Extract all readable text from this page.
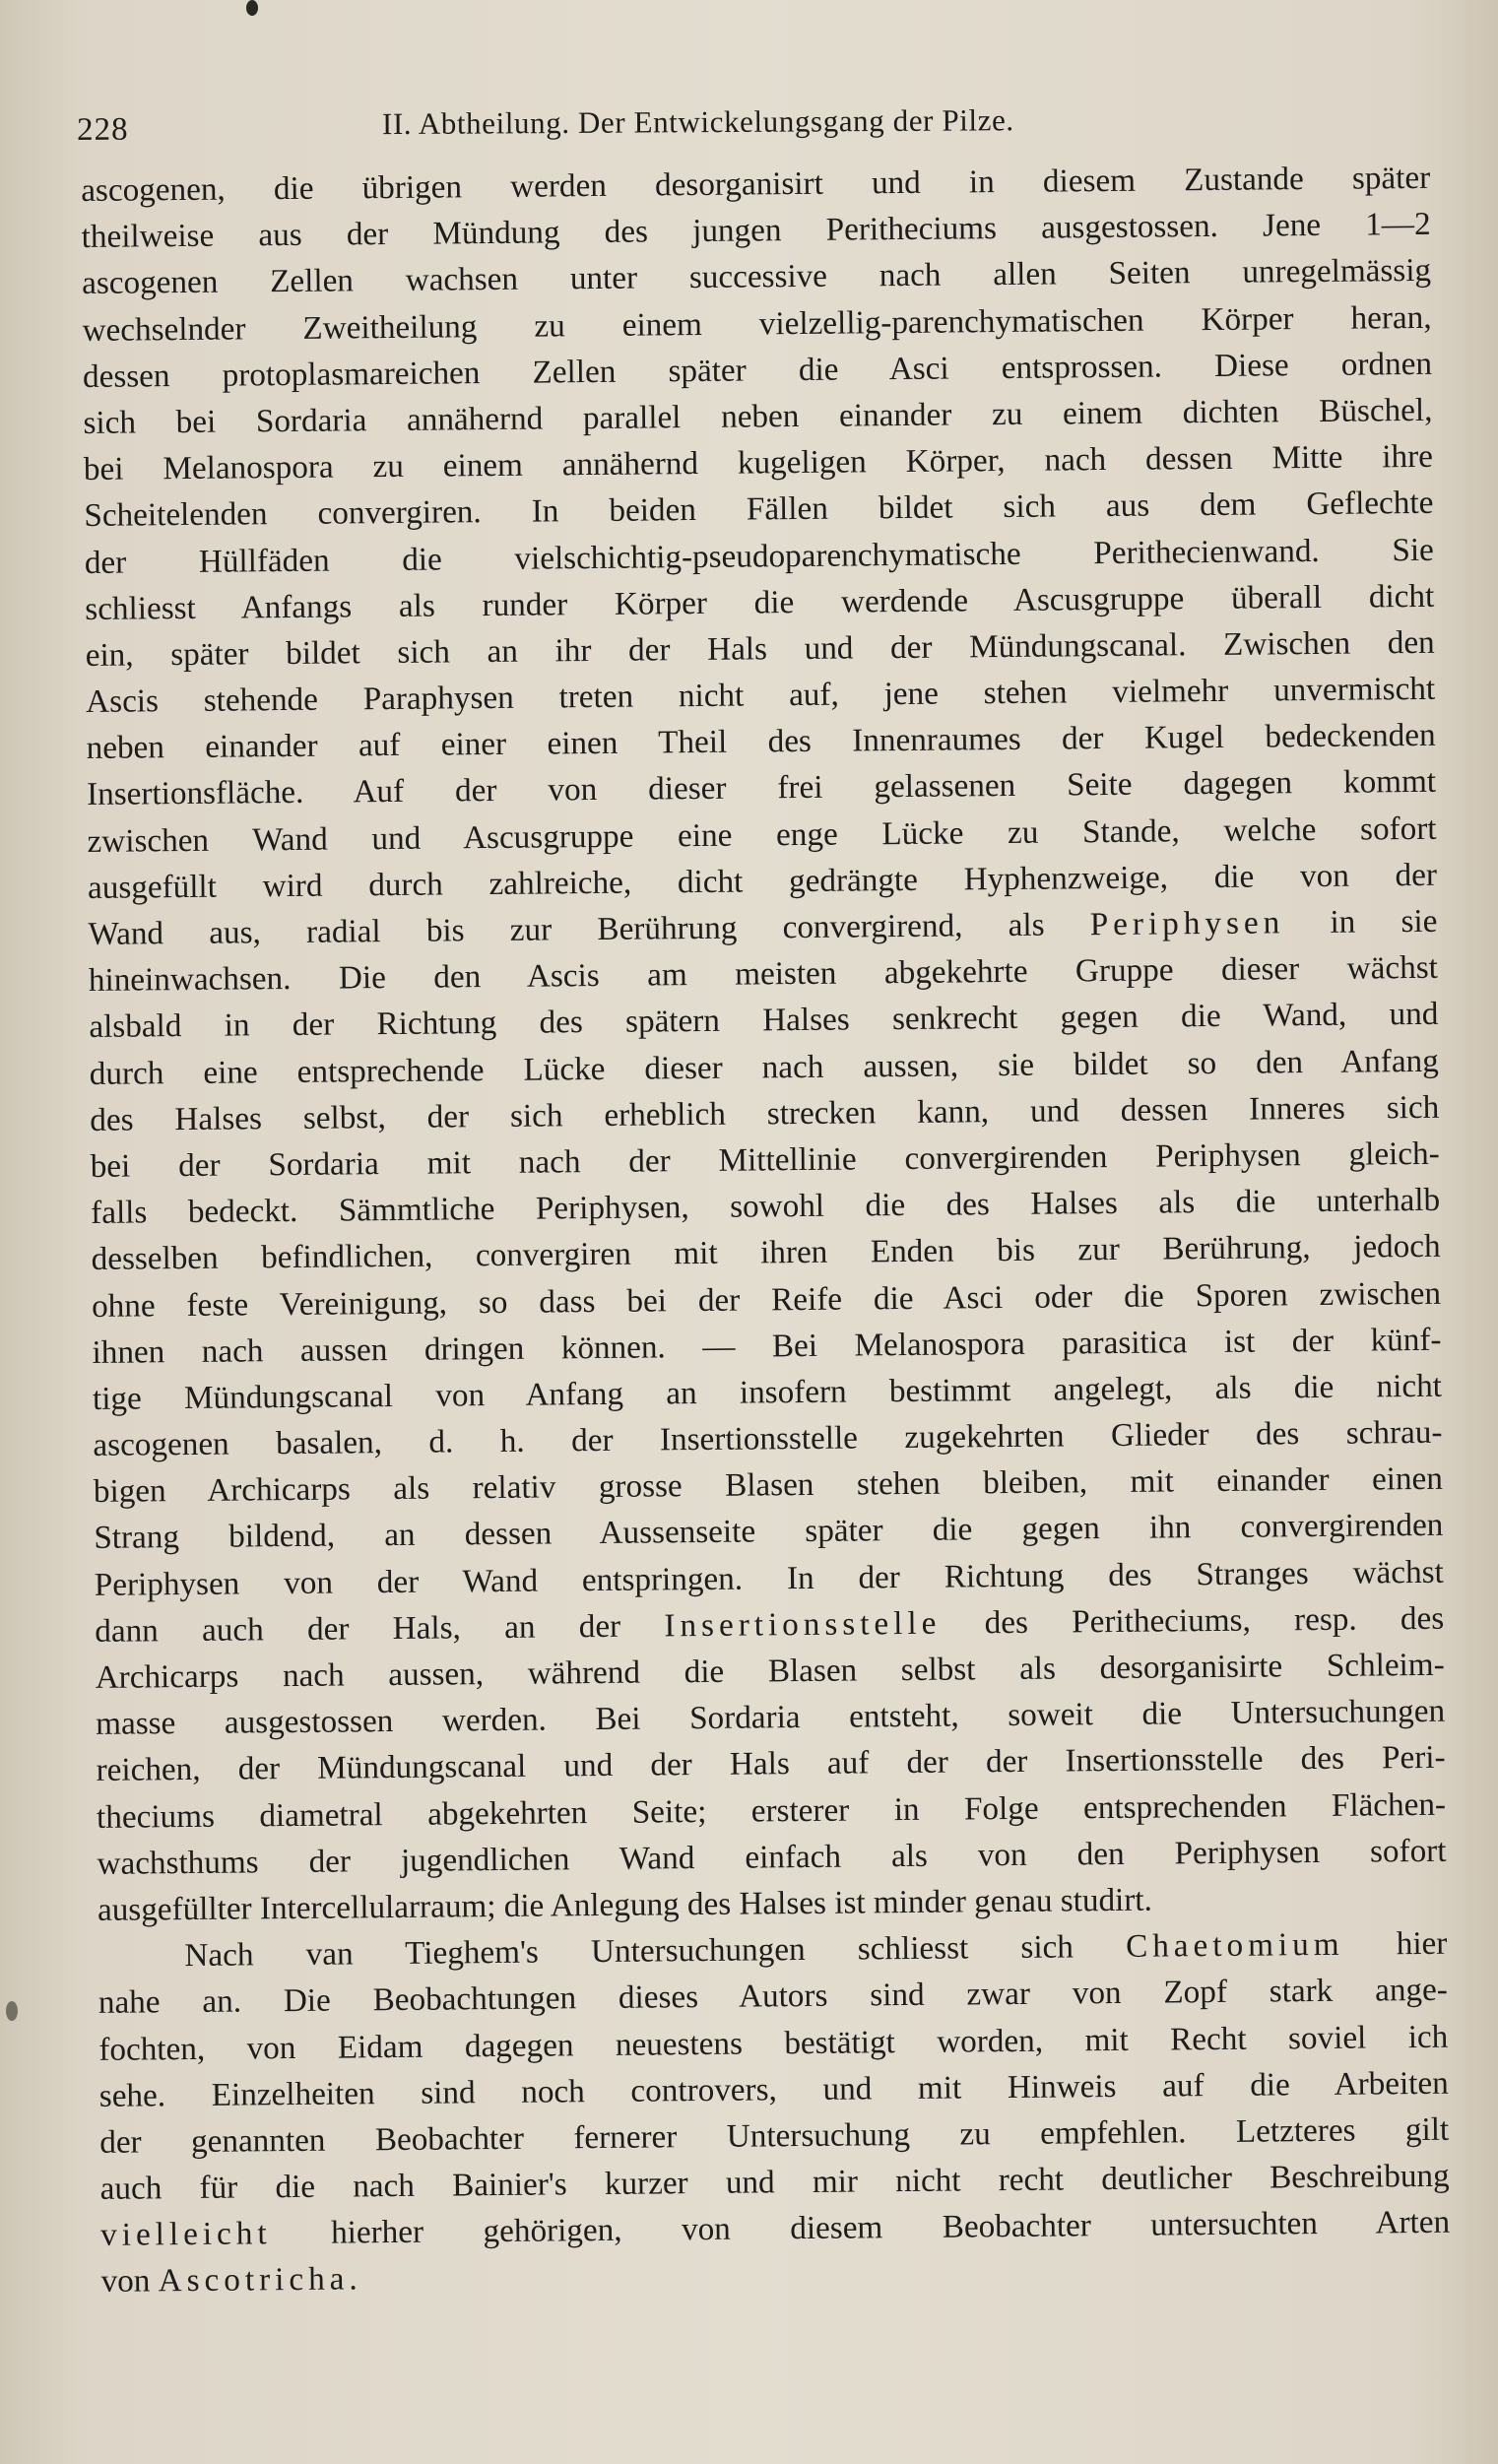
228	II. Abtheilung. Der Entwickelungsgang der Pilze.
ascogenen, die übrigen werden desorganisirt und in diesem Zustande später
theilweise aus der Mündung des jungen Peritheciums ausgestossen. Jene 1—2
ascogenen Zellen wachsen unter successive nach allen Seiten unregelmässig
wechselnder Zweitheilung zu einem vielzellig-parenchymatischen Körper heran,
dessen protoplasmareichen Zellen später die Asci entsprossen. Diese ordnen
sich bei Sordaria annähernd parallel neben einander zu einem dichten Büschel,
bei Melanospora zu einem annähernd kugeligen Körper, nach dessen Mitte ihre
Scheitelenden convergiren. In beiden Fällen bildet sich aus dem Geflechte
der Hüllfäden die vielschichtig-pseudoparenchymatische Perithecienwand. Sie
schliesst Anfangs als runder Körper die werdende Ascusgruppe überall dicht
ein, später bildet sich an ihr der Hals und der Mündungscanal. Zwischen den
Ascis stehende Paraphysen treten nicht auf, jene stehen vielmehr unvermischt
neben einander auf einer einen Theil des Innenraumes der Kugel bedeckenden
Insertionsfläche. Auf der von dieser frei gelassenen Seite dagegen kommt
zwischen Wand und Ascusgruppe eine enge Lücke zu Stande, welche sofort
ausgefüllt wird durch zahlreiche, dicht gedrängte Hyphenzweige, die von der
Wand aus, radial bis zur Berührung convergirend, als Periphysen in sie
hineinwachsen. Die den Ascis am meisten abgekehrte Gruppe dieser wächst
alsbald in der Richtung des spätern Halses senkrecht gegen die Wand, und
durch eine entsprechende Lücke dieser nach aussen, sie bildet so den Anfang
des Halses selbst, der sich erheblich strecken kann, und dessen Inneres sich
bei der Sordaria mit nach der Mittellinie convergirenden Periphysen gleich-
falls bedeckt. Sämmtliche Periphysen, sowohl die des Halses als die unterhalb
desselben befindlichen, convergiren mit ihren Enden bis zur Berührung, jedoch
ohne feste Vereinigung, so dass bei der Reife die Asci oder die Sporen zwischen
ihnen nach aussen dringen können. — Bei Melanospora parasitica ist der künf-
tige Mündungscanal von Anfang an insofern bestimmt angelegt, als die nicht
ascogenen basalen, d. h. der Insertionsstelle zugekehrten Glieder des schrau-
bigen Archicarps als relativ grosse Blasen stehen bleiben, mit einander einen
Strang bildend, an dessen Aussenseite später die gegen ihn convergirenden
Periphysen von der Wand entspringen. In der Richtung des Stranges wächst
dann auch der Hals, an der Insertionsstelle des Peritheciums, resp. des
Archicarps nach aussen, während die Blasen selbst als desorganisirte Schleim-
masse ausgestossen werden. Bei Sordaria entsteht, soweit die Untersuchungen
reichen, der Mündungscanal und der Hals auf der der Insertionsstelle des Peri-
theciums diametral abgekehrten Seite; ersterer in Folge entsprechenden Flächen-
wachsthums der jugendlichen Wand einfach als von den Periphysen sofort
ausgefüllter Intercellularraum; die Anlegung des Halses ist minder genau studirt.
Nach van Tieghem's Untersuchungen schliesst sich Chaetomium hier
nahe an. Die Beobachtungen dieses Autors sind zwar von Zopf stark ange-
fochten, von Eidam dagegen neuestens bestätigt worden, mit Recht soviel ich
sehe. Einzelheiten sind noch controvers, und mit Hinweis auf die Arbeiten
der genannten Beobachter fernerer Untersuchung zu empfehlen. Letzteres gilt
auch für die nach Bainier's kurzer und mir nicht recht deutlicher Beschreibung
vielleicht hierher gehörigen, von diesem Beobachter untersuchten Arten
von Ascotricha.
